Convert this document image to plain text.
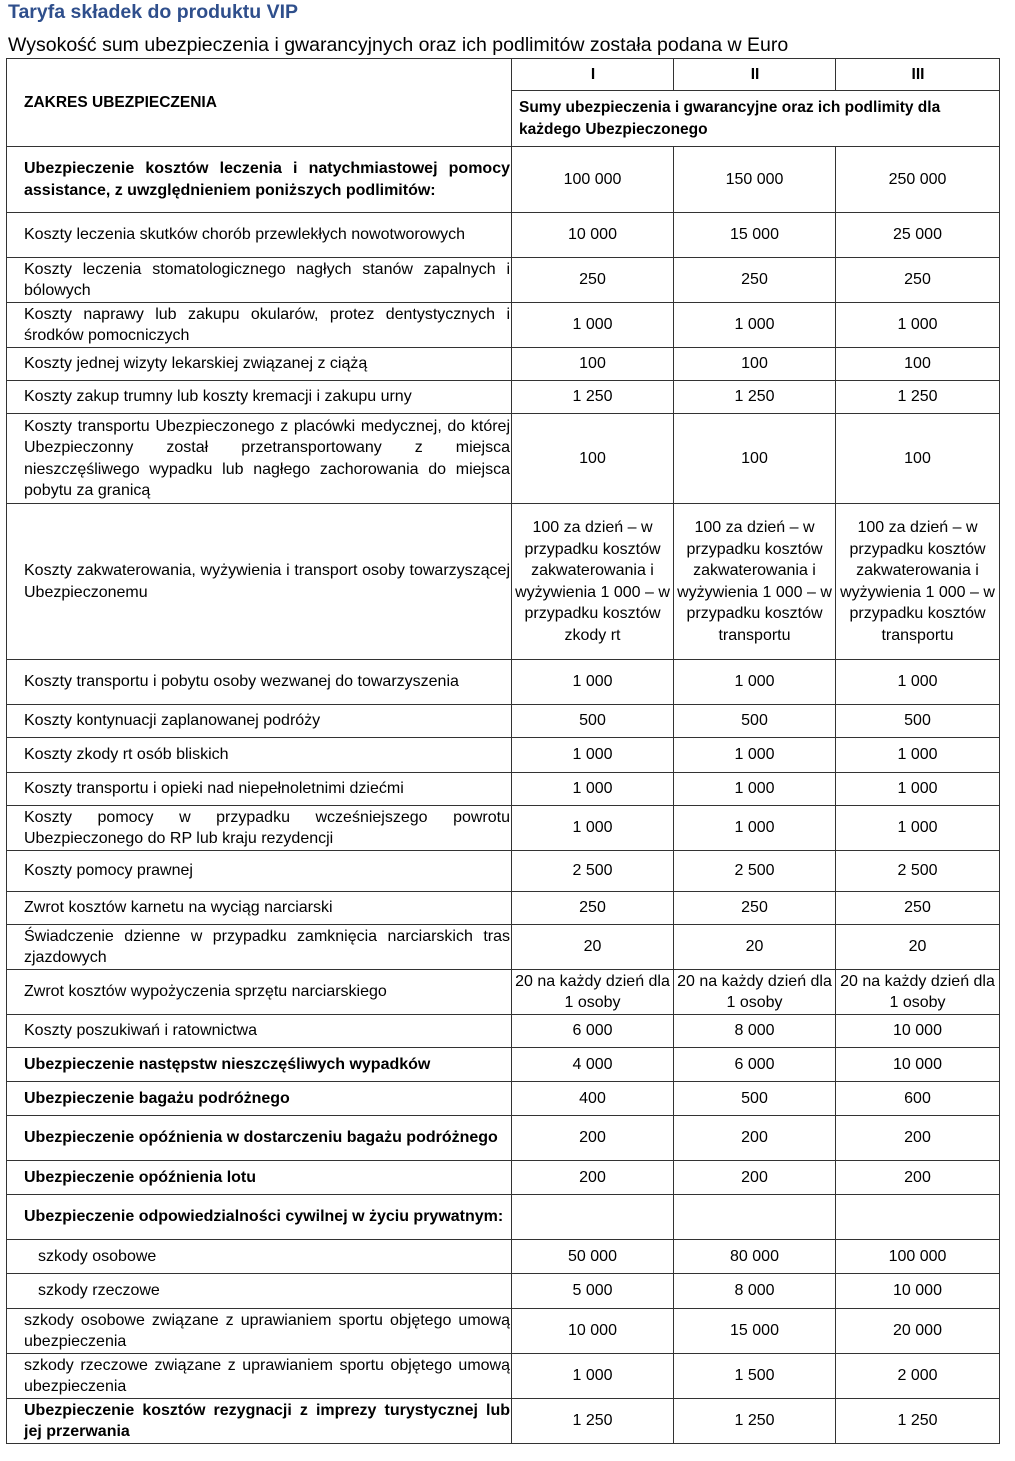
Taryfa składek do produktu VIP
Wysokość sum ubezpieczenia i gwarancyjnych oraz ich podlimitów została podana w Euro
ZAKRES UBEZPIECZENIA	I	II	III
	Sumy ubezpieczenia i gwarancyjne oraz ich podlimity dla każdego Ubezpieczonego		
Ubezpieczenie kosztów leczenia i natychmiastowej pomocy assistance, z uwzględnieniem poniższych podlimitów:	100 000	150 000	250 000
Koszty leczenia skutków chorób przewlekłych nowotworowych	10 000	15 000	25 000
Koszty leczenia stomatologicznego nagłych stanów zapalnych i bólowych	250	250	250
Koszty naprawy lub zakupu okularów, protez dentystycznych i środków pomocniczych	1 000	1 000	1 000
Koszty jednej wizyty lekarskiej związanej z ciążą	100	100	100
Koszty zakup trumny lub koszty kremacji i zakupu urny	1 250	1 250	1 250
Koszty transportu Ubezpieczonego z placówki medycznej, do której Ubezpieczonny został przetransportowany z miejsca nieszczęśliwego wypadku lub nagłego zachorowania do miejsca pobytu za granicą	100	100	100
Koszty zakwaterowania, wyżywienia i transport osoby towarzyszącej Ubezpieczonemu	100 za dzień – w przypadku kosztów zakwaterowania i wyżywienia 1 000 – w przypadku kosztów zkody rt	100 za dzień – w przypadku kosztów zakwaterowania i wyżywienia 1 000 – w przypadku kosztów transportu	100 za dzień – w przypadku kosztów zakwaterowania i wyżywienia 1 000 – w przypadku kosztów transportu
Koszty transportu i pobytu osoby wezwanej do towarzyszenia	1 000	1 000	1 000
Koszty kontynuacji zaplanowanej podróży	500	500	500
Koszty zkody rt osób bliskich	1 000	1 000	1 000
Koszty transportu i opieki nad niepełnoletnimi dziećmi	1 000	1 000	1 000
Koszty pomocy w przypadku wcześniejszego powrotu Ubezpieczonego do RP lub kraju rezydencji	1 000	1 000	1 000
Koszty pomocy prawnej	2 500	2 500	2 500
Zwrot kosztów karnetu na wyciąg narciarski	250	250	250
Świadczenie dzienne w przypadku zamknięcia narciarskich tras zjazdowych	20	20	20
Zwrot kosztów wypożyczenia sprzętu narciarskiego	20 na każdy dzień dla 1 osoby	20 na każdy dzień dla 1 osoby	20 na każdy dzień dla 1 osoby
Koszty poszukiwań i ratownictwa	6 000	8 000	10 000
Ubezpieczenie następstw nieszczęśliwych wypadków	4 000	6 000	10 000
Ubezpieczenie bagażu podróżnego	400	500	600
Ubezpieczenie opóźnienia w dostarczeniu bagażu podróżnego	200	200	200
Ubezpieczenie opóźnienia lotu	200	200	200
Ubezpieczenie odpowiedzialności cywilnej w życiu prywatnym:			
szkody osobowe	50 000	80 000	100 000
szkody rzeczowe	5 000	8 000	10 000
szkody osobowe związane z uprawianiem sportu objętego umową ubezpieczenia	10 000	15 000	20 000
szkody rzeczowe związane z uprawianiem sportu objętego umową ubezpieczenia	1 000	1 500	2 000
Ubezpieczenie kosztów rezygnacji z imprezy turystycznej lub jej przerwania	1 250	1 250	1 250
